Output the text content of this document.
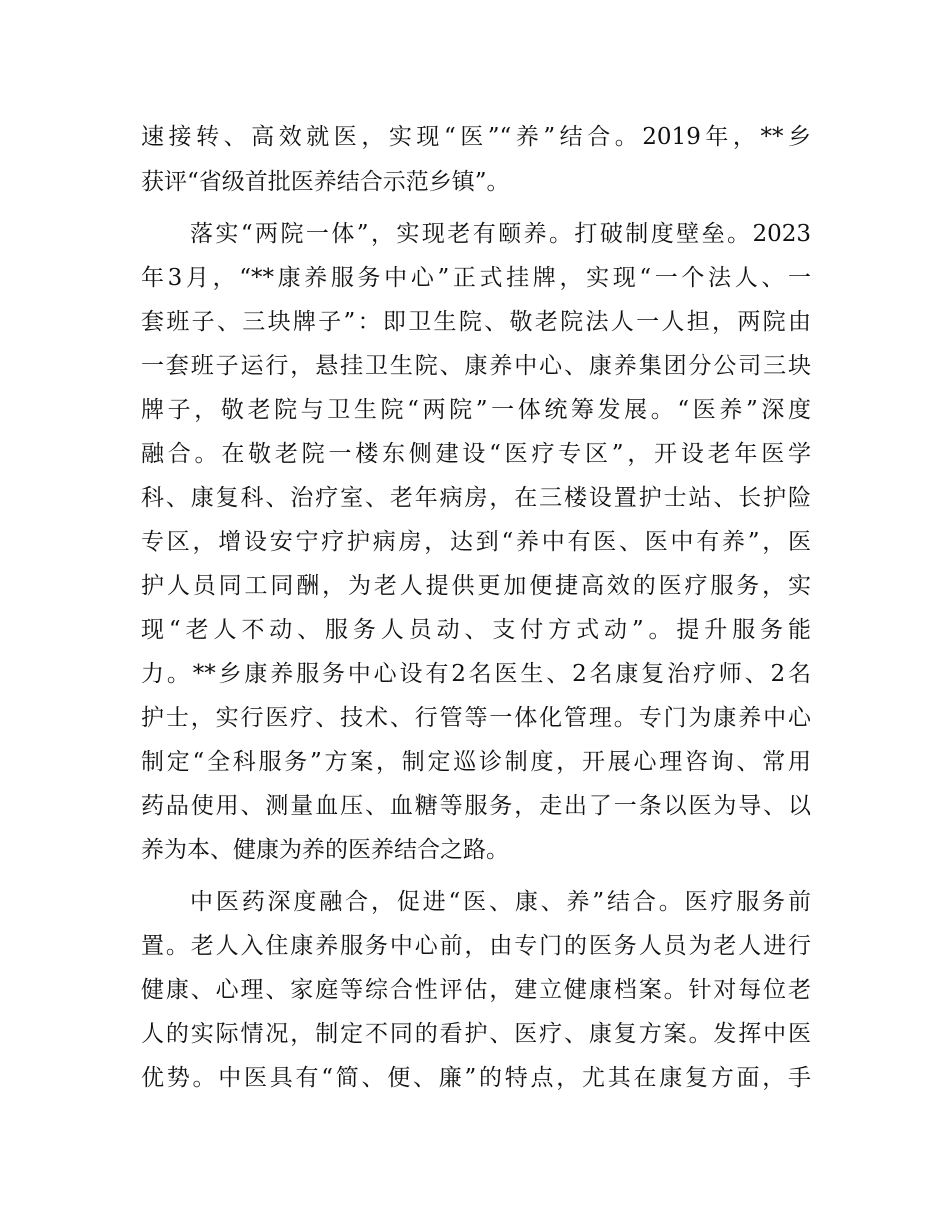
速接转、高效就医，实现“医”“养”结合。2019年，**乡
获评“省级首批医养结合示范乡镇”。
落实“两院一体”，实现老有颐养。打破制度壁垒。2023
年3月，“**康养服务中心”正式挂牌，实现“一个法人、一
套班子、三块牌子”：即卫生院、敬老院法人一人担，两院由
一套班子运行，悬挂卫生院、康养中心、康养集团分公司三块
牌子，敬老院与卫生院“两院”一体统筹发展。“医养”深度
融合。在敬老院一楼东侧建设“医疗专区”，开设老年医学
科、康复科、治疗室、老年病房，在三楼设置护士站、长护险
专区，增设安宁疗护病房，达到“养中有医、医中有养”，医
护人员同工同酬，为老人提供更加便捷高效的医疗服务，实
现“老人不动、服务人员动、支付方式动”。提升服务能
力。**乡康养服务中心设有2名医生、2名康复治疗师、2名
护士，实行医疗、技术、行管等一体化管理。专门为康养中心
制定“全科服务”方案，制定巡诊制度，开展心理咨询、常用
药品使用、测量血压、血糖等服务，走出了一条以医为导、以
养为本、健康为养的医养结合之路。
中医药深度融合，促进“医、康、养”结合。医疗服务前
置。老人入住康养服务中心前，由专门的医务人员为老人进行
健康、心理、家庭等综合性评估，建立健康档案。针对每位老
人的实际情况，制定不同的看护、医疗、康复方案。发挥中医
优势。中医具有“简、便、廉”的特点，尤其在康复方面，手
